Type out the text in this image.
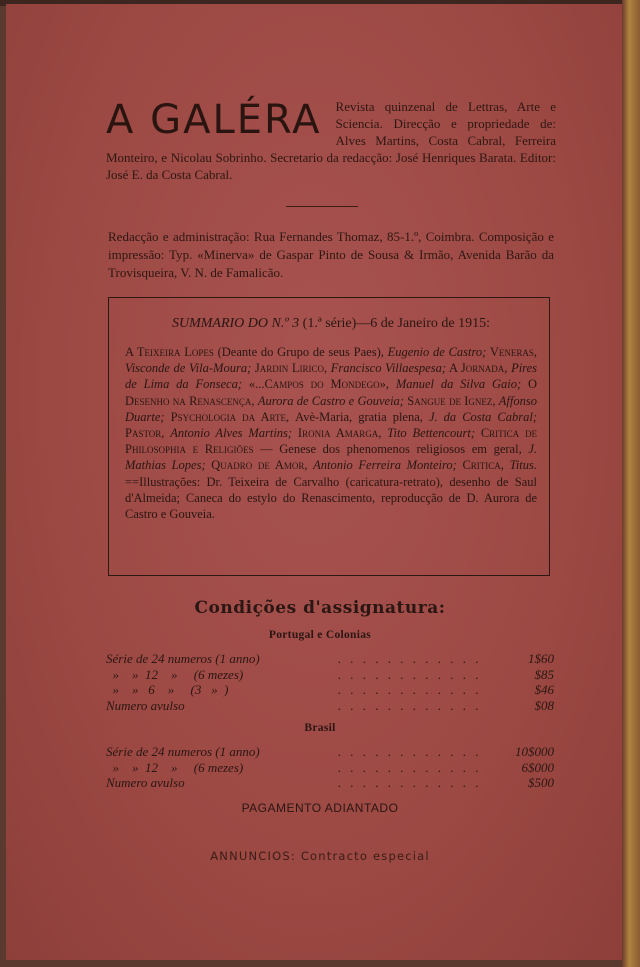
A GALÉRA	Revista quinzenal de Lettras, Arte e Sciencia. Direcção e propriedade de: Alves Martins, Costa Cabral, Ferreira Monteiro, e Nicolau Sobrinho. Secretario da redacção: José Henriques Barata. Editor: José E. da Costa Cabral.
Redacção e administração: Rua Fernandes Thomaz, 85-1.º, Coimbra. Composição e impressão: Typ. «Minerva» de Gaspar Pinto de Sousa & Irmão, Avenida Barão da Trovisqueira, V. N. de Famalicão.
SUMMARIO DO N.º 3 (1.ª série)—6 de Janeiro de 1915:
A Teixeira Lopes (Deante do Grupo de seus Paes), Eugenio de Castro; Veneras, Visconde de Vila-Moura; Jardin Lirico, Francisco Villaespesa; A Jornada, Pires de Lima da Fonseca; «...Campos do Mondego», Manuel da Silva Gaio; O Desenho na Renascença, Aurora de Castro e Gouveia; Sangue de Ignez, Affonso Duarte; Psychologia da Arte, Avè-Maria, gratia plena, J. da Costa Cabral; Pastor, Antonio Alves Martins; Ironia Amarga, Tito Bettencourt; Critica de Philosophia e Religiões — Genese dos phenomenos religiosos em geral, J. Mathias Lopes; Quadro de Amor, Antonio Ferreira Monteiro; Critica, Titus. ==Illustrações: Dr. Teixeira de Carvalho (caricatura-retrato), desenho de Saul d'Almeida; Caneca do estylo do Renascimento, reproducção de D. Aurora de Castro e Gouveia.
Condições d'assignatura:
Portugal e Colonias
Série de 24 numeros (1 anno)	. . . . . . . . . . . .	1$60
»    »  12    »     (6 mezes)	. . . . . . . . . . . .	$85
»    »   6    »     (3   »  )	. . . . . . . . . . . .	$46
Numero avulso	. . . . . . . . . . . .	$08
Brasil
Série de 24 numeros (1 anno)	. . . . . . . . . . . .	10$000
»    »  12    »     (6 mezes)	. . . . . . . . . . . .	6$000
Numero avulso	. . . . . . . . . . . .	$500
PAGAMENTO ADIANTADO
ANNUNCIOS: Contracto especial
